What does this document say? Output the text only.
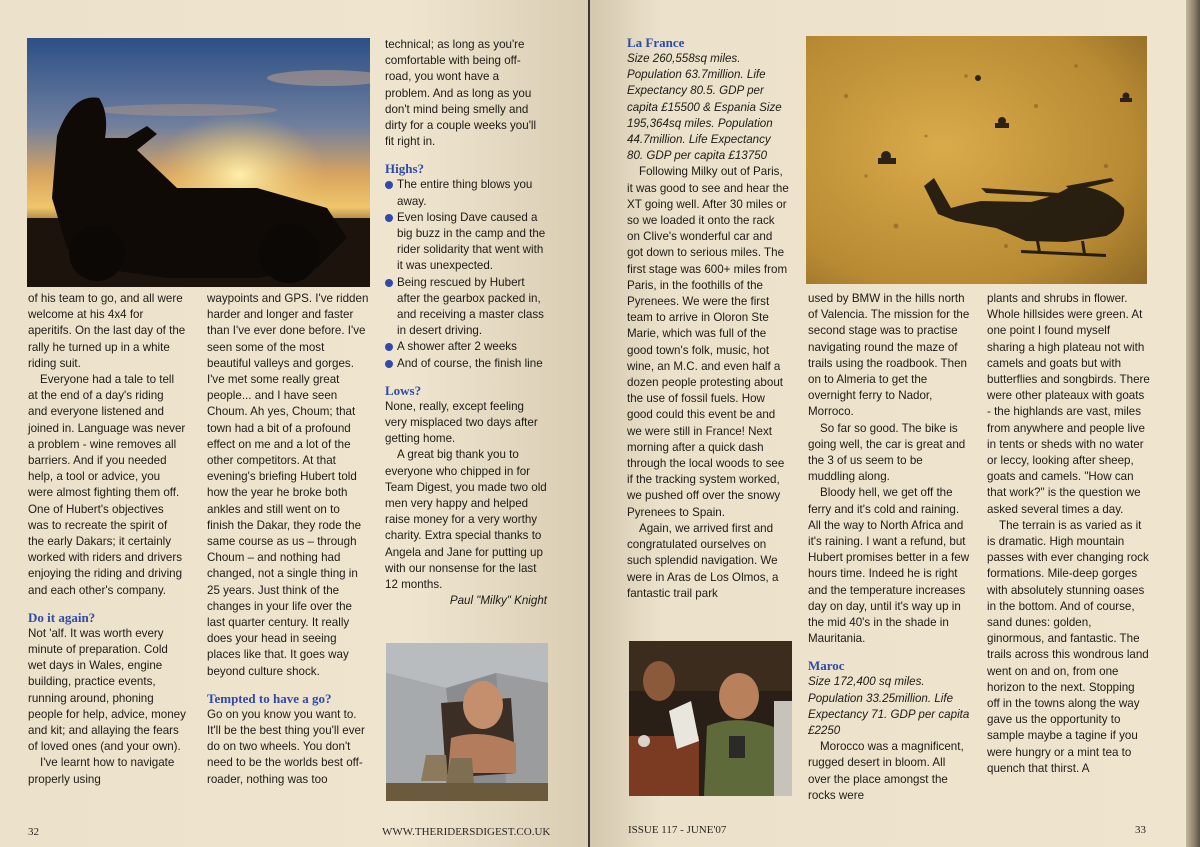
of his team to go, and all were welcome at his 4x4 for aperitifs. On the last day of the rally he turned up in a white riding suit.

Everyone had a tale to tell at the end of a day's riding and everyone listened and joined in. Language was never a problem - wine removes all barriers. And if you needed help, a tool or advice, you were almost fighting them off. One of Hubert's objectives was to recreate the spirit of the early Dakars; it certainly worked with riders and drivers enjoying the riding and driving and each other's company.

Do it again?

Not 'alf. It was worth every minute of preparation. Cold wet days in Wales, engine building, practice events, running around, phoning people for help, advice, money and kit; and allaying the fears of loved ones (and your own).

I've learnt how to navigate properly using

waypoints and GPS. I've ridden harder and longer and faster than I've ever done before. I've seen some of the most beautiful valleys and gorges. I've met some really great people... and I have seen Choum. Ah yes, Choum; that town had a bit of a profound effect on me and a lot of the other competitors. At that evening's briefing Hubert told how the year he broke both ankles and still went on to finish the Dakar, they rode the same course as us – through Choum – and nothing had changed, not a single thing in 25 years. Just think of the changes in your life over the last quarter century. It really does your head in seeing places like that. It goes way beyond culture shock.

Tempted to have a go?

Go on you know you want to. It'll be the best thing you'll ever do on two wheels. You don't need to be the worlds best off-roader, nothing was too

technical; as long as you're comfortable with being off-road, you wont have a problem. And as long as you don't mind being smelly and dirty for a couple weeks you'll fit right in.

Highs?

The entire thing blows you away.
Even losing Dave caused a big buzz in the camp and the rider solidarity that went with it was unexpected.
Being rescued by Hubert after the gearbox packed in, and receiving a master class in desert driving.
A shower after 2 weeks
And of course, the finish line

Lows?

None, really, except feeling very misplaced two days after getting home.

A great big thank you to everyone who chipped in for Team Digest, you made two old men very happy and helped raise money for a very worthy charity. Extra special thanks to Angela and Jane for putting up with our nonsense for the last 12 months.

Paul "Milky" Knight

32	WWW.THERIDERSDIGEST.CO.UK

La France

Size 260,558sq miles. Population 63.7million. Life Expectancy 80.5. GDP per capita £15500 & Espania Size 195,364sq miles. Population 44.7million. Life Expectancy 80. GDP per capita £13750

Following Milky out of Paris, it was good to see and hear the XT going well. After 30 miles or so we loaded it onto the rack on Clive's wonderful car and got down to serious miles. The first stage was 600+ miles from Paris, in the foothills of the Pyrenees. We were the first team to arrive in Oloron Ste Marie, which was full of the good town's folk, music, hot wine, an M.C. and even half a dozen people protesting about the use of fossil fuels. How good could this event be and we were still in France! Next morning after a quick dash through the local woods to see if the tracking system worked, we pushed off over the snowy Pyrenees to Spain.

Again, we arrived first and congratulated ourselves on such splendid navigation. We were in Aras de Los Olmos, a fantastic trail park

used by BMW in the hills north of Valencia. The mission for the second stage was to practise navigating round the maze of trails using the roadbook. Then on to Almeria to get the overnight ferry to Nador, Morroco.

So far so good. The bike is going well, the car is great and the 3 of us seem to be muddling along.

Bloody hell, we get off the ferry and it's cold and raining. All the way to North Africa and it's raining. I want a refund, but Hubert promises better in a few hours time. Indeed he is right and the temperature increases day on day, until it's way up in the mid 40's in the shade in Mauritania.

Maroc

Size 172,400 sq miles. Population 33.25million. Life Expectancy 71. GDP per capita £2250

Morocco was a magnificent, rugged desert in bloom. All over the place amongst the rocks were

plants and shrubs in flower. Whole hillsides were green. At one point I found myself sharing a high plateau not with camels and goats but with butterflies and songbirds. There were other plateaux with goats - the highlands are vast, miles from anywhere and people live in tents or sheds with no water or leccy, looking after sheep, goats and camels. "How can that work?" is the question we asked several times a day.

The terrain is as varied as it is dramatic. High mountain passes with ever changing rock formations. Mile-deep gorges with absolutely stunning oases in the bottom. And of course, sand dunes: golden, ginormous, and fantastic. The trails across this wondrous land went on and on, from one horizon to the next. Stopping off in the towns along the way gave us the opportunity to sample maybe a tagine if you were hungry or a mint tea to quench that thirst. A

ISSUE 117 - JUNE'07	33
